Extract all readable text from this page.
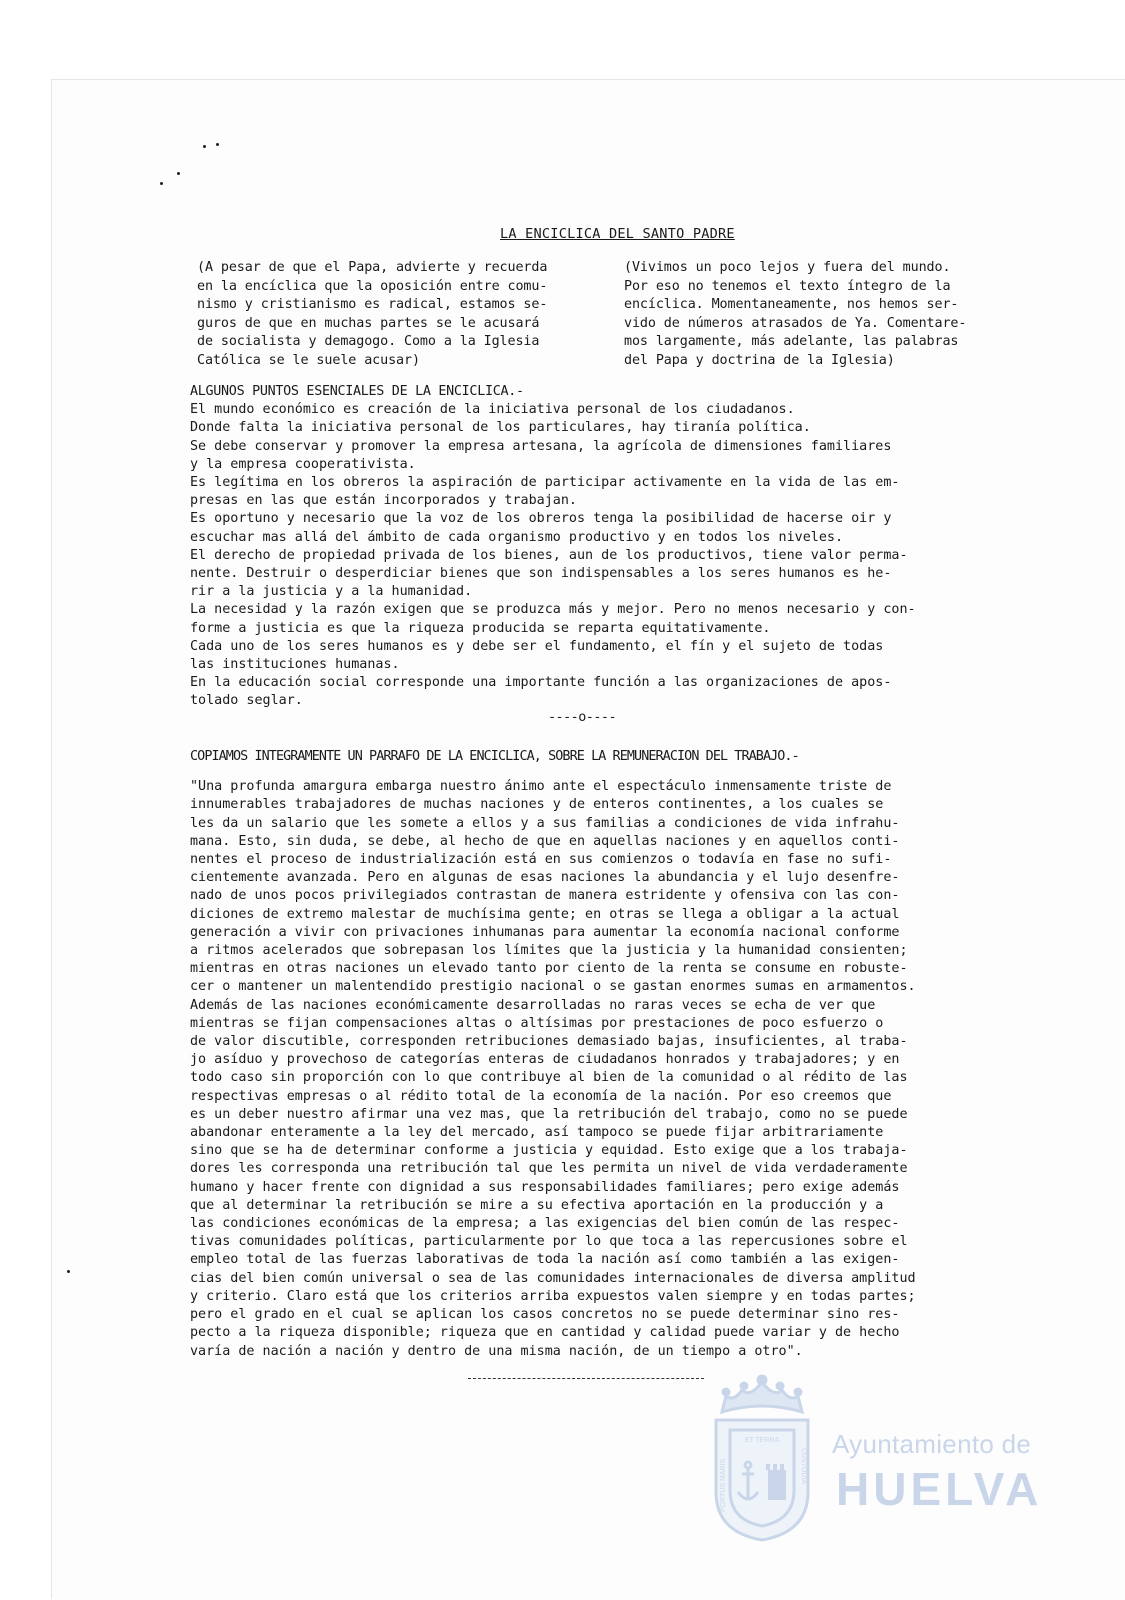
LA ENCICLICA DEL SANTO PADRE

(A pesar de que el Papa, advierte y recuerda

en la encíclica que la oposición entre comu-

nismo y cristianismo es radical, estamos se-

guros de que en muchas partes se le acusará

de socialista y demagogo. Como a la Iglesia

Católica se le suele acusar)

(Vivimos un poco lejos y fuera del mundo.

Por eso no tenemos el texto íntegro de la

encíclica. Momentaneamente, nos hemos ser-

vido de números atrasados de Ya. Comentare-

mos largamente, más adelante, las palabras

del Papa y doctrina de la Iglesia)

ALGUNOS PUNTOS ESENCIALES DE LA ENCICLICA.-

El mundo económico es creación de la iniciativa personal de los ciudadanos.

Donde falta la iniciativa personal de los particulares, hay tiranía política.

Se debe conservar y promover la empresa artesana, la agrícola de dimensiones familiares

y la empresa cooperativista.

Es legítima en los obreros la aspiración de participar activamente en la vida de las em-

presas en las que están incorporados y trabajan.

Es oportuno y necesario que la voz de los obreros tenga la posibilidad de hacerse oir y

escuchar mas allá del ámbito de cada organismo productivo y en todos los niveles.

El derecho de propiedad privada de los bienes, aun de los productivos, tiene valor perma-

nente. Destruir o desperdiciar bienes que son indispensables a los seres humanos es he-

rir a la justicia y a la humanidad.

La necesidad y la razón exigen que se produzca más y mejor. Pero no menos necesario y con-

forme a justicia es que la riqueza producida se reparta equitativamente.

Cada uno de los seres humanos es y debe ser el fundamento, el fín y el sujeto de todas

las instituciones humanas.

En la educación social corresponde una importante función a las organizaciones de apos-

tolado seglar.

----o----

COPIAMOS INTEGRAMENTE UN PARRAFO DE LA ENCICLICA, SOBRE LA REMUNERACION DEL TRABAJO.-

"Una profunda amargura embarga nuestro ánimo ante el espectáculo inmensamente triste de

innumerables trabajadores de muchas naciones y de enteros continentes, a los cuales se

les da un salario que les somete a ellos y a sus familias a condiciones de vida infrahu-

mana. Esto, sin duda, se debe, al hecho de que en aquellas naciones y en aquellos conti-

nentes el proceso de industrialización está en sus comienzos o todavía en fase no sufi-

cientemente avanzada. Pero en algunas de esas naciones la abundancia y el lujo desenfre-

nado de unos pocos privilegiados contrastan de manera estridente y ofensiva con las con-

diciones de extremo malestar de muchísima gente; en otras se llega a obligar a la actual

generación a vivir con privaciones inhumanas para aumentar la economía nacional conforme

a ritmos acelerados que sobrepasan los límites que la justicia y la humanidad consienten;

mientras en otras naciones un elevado tanto por ciento de la renta se consume en robuste-

cer o mantener un malentendido prestigio nacional o se gastan enormes sumas en armamentos.

Además de las naciones económicamente desarrolladas no raras veces se echa de ver que

mientras se fijan compensaciones altas o altísimas por prestaciones de poco esfuerzo o

de valor discutible, corresponden retribuciones demasiado bajas, insuficientes, al traba-

jo asíduo y provechoso de categorías enteras de ciudadanos honrados y trabajadores; y en

todo caso sin proporción con lo que contribuye al bien de la comunidad o al rédito de las

respectivas empresas o al rédito total de la economía de la nación. Por eso creemos que

es un deber nuestro afirmar una vez mas, que la retribución del trabajo, como no se puede

abandonar enteramente a la ley del mercado, así tampoco se puede fijar arbitrariamente

sino que se ha de determinar conforme a justicia y equidad. Esto exige que a los trabaja-

dores les corresponda una retribución tal que les permita un nivel de vida verdaderamente

humano y hacer frente con dignidad a sus responsabilidades familiares; pero exige además

que al determinar la retribución se mire a su efectiva aportación en la producción y a

las condiciones económicas de la empresa; a las exigencias del bien común de las respec-

tivas comunidades políticas, particularmente por lo que toca a las repercusiones sobre el

empleo total de las fuerzas laborativas de toda la nación así como también a las exigen-

cias del bien común universal o sea de las comunidades internacionales de diversa amplitud

y criterio. Claro está que los criterios arriba expuestos valen siempre y en todas partes;

pero el grado en el cual se aplican los casos concretos no se puede determinar sino res-

pecto a la riqueza disponible; riqueza que en cantidad y calidad puede variar y de hecho

varía de nación a nación y dentro de una misma nación, de un tiempo a otro".

ET TERRA
PORTUS MARIS	CUSTODIA
Ayuntamiento de
HUELVA
